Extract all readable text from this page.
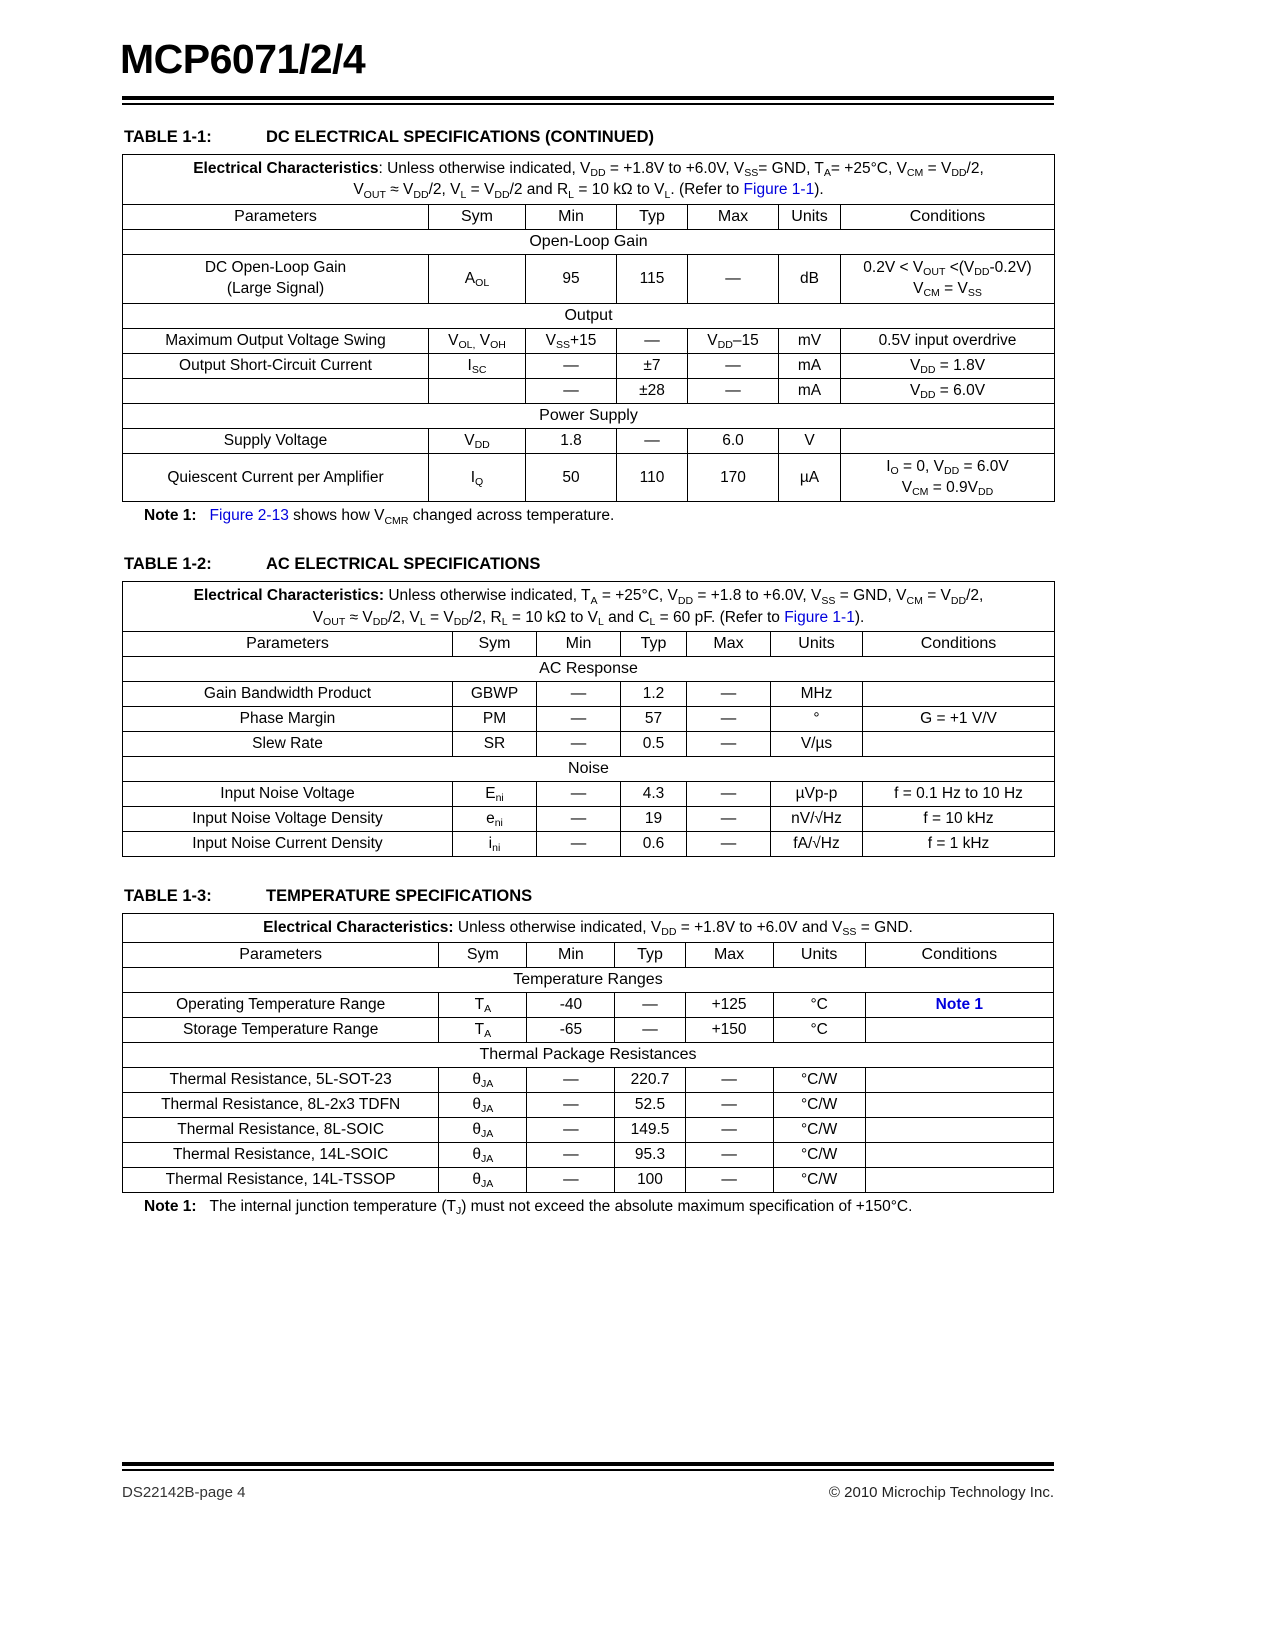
MCP6071/2/4
TABLE 1-1:	DC ELECTRICAL SPECIFICATIONS (CONTINUED)
Electrical Characteristics: Unless otherwise indicated, $V_{DD} = +1.8V$ to +6.0V, $V_{SS}=$ GND, $T_A= +25^\circ C$, $V_{CM} = V_{DD}/2$,
$V_{OUT} \approx V_{DD}/2$, $V_L = V_{DD}/2$ and $R_L = 10$ kΩ to $V_L$. (Refer to Figure 1-1).						
Parameters	Sym	Min	Typ	Max	Units	Conditions
Open-Loop Gain						
DC Open-Loop Gain
(Large Signal)	$A_{OL}$	95	115	—	dB	$0.2V < V_{OUT} <(V_{DD}-0.2V)$
$V_{CM} = V_{SS}$
Output						
Maximum Output Voltage Swing	$V_{OL,}$ $V_{OH}$	$V_{SS}+15$	—	$V_{DD}-15$	mV	0.5V input overdrive
Output Short-Circuit Current	$I_{SC}$	—	±7	—	mA	$V_{DD} = 1.8V$
		—	±28	—	mA	$V_{DD} = 6.0V$
Power Supply						
Supply Voltage	$V_{DD}$	1.8	—	6.0	V	
Quiescent Current per Amplifier	$I_Q$	50	110	170	µA	$I_O = 0$, $V_{DD} = 6.0V$
$V_{CM} = 0.9V_{DD}$
Note 1: Figure 2-13 shows how $V_{CMR}$ changed across temperature.
TABLE 1-2:	AC ELECTRICAL SPECIFICATIONS
Electrical Characteristics: Unless otherwise indicated, $T_A = +25^\circ C$, $V_{DD} = +1.8$ to +6.0V, $V_{SS}$ = GND, $V_{CM} = V_{DD}/2$,
$V_{OUT} \approx V_{DD}/2$, $V_L = V_{DD}/2$, $R_L = 10$ kΩ to $V_L$ and $C_L = 60$ pF. (Refer to Figure 1-1).						
Parameters	Sym	Min	Typ	Max	Units	Conditions
AC Response						
Gain Bandwidth Product	GBWP	—	1.2	—	MHz	
Phase Margin	PM	—	57	—	°	G = +1 V/V
Slew Rate	SR	—	0.5	—	V/µs	
Noise						
Input Noise Voltage	$E_{ni}$	—	4.3	—	µVp-p	f = 0.1 Hz to 10 Hz
Input Noise Voltage Density	$e_{ni}$	—	19	—	nV/√Hz	f = 10 kHz
Input Noise Current Density	$i_{ni}$	—	0.6	—	fA/√Hz	f = 1 kHz
TABLE 1-3:	TEMPERATURE SPECIFICATIONS
Electrical Characteristics: Unless otherwise indicated, $V_{DD} = +1.8V$ to +6.0V and $V_{SS}$ = GND.						
Parameters	Sym	Min	Typ	Max	Units	Conditions
Temperature Ranges						
Operating Temperature Range	$T_A$	-40	—	+125	°C	Note 1
Storage Temperature Range	$T_A$	-65	—	+150	°C	
Thermal Package Resistances						
Thermal Resistance, 5L-SOT-23	$\theta_{JA}$	—	220.7	—	°C/W	
Thermal Resistance, 8L-2x3 TDFN	$\theta_{JA}$	—	52.5	—	°C/W	
Thermal Resistance, 8L-SOIC	$\theta_{JA}$	—	149.5	—	°C/W	
Thermal Resistance, 14L-SOIC	$\theta_{JA}$	—	95.3	—	°C/W	
Thermal Resistance, 14L-TSSOP	$\theta_{JA}$	—	100	—	°C/W	
Note 1: The internal junction temperature $(T_J)$ must not exceed the absolute maximum specification of +150°C.
DS22142B-page 4	© 2010 Microchip Technology Inc.
